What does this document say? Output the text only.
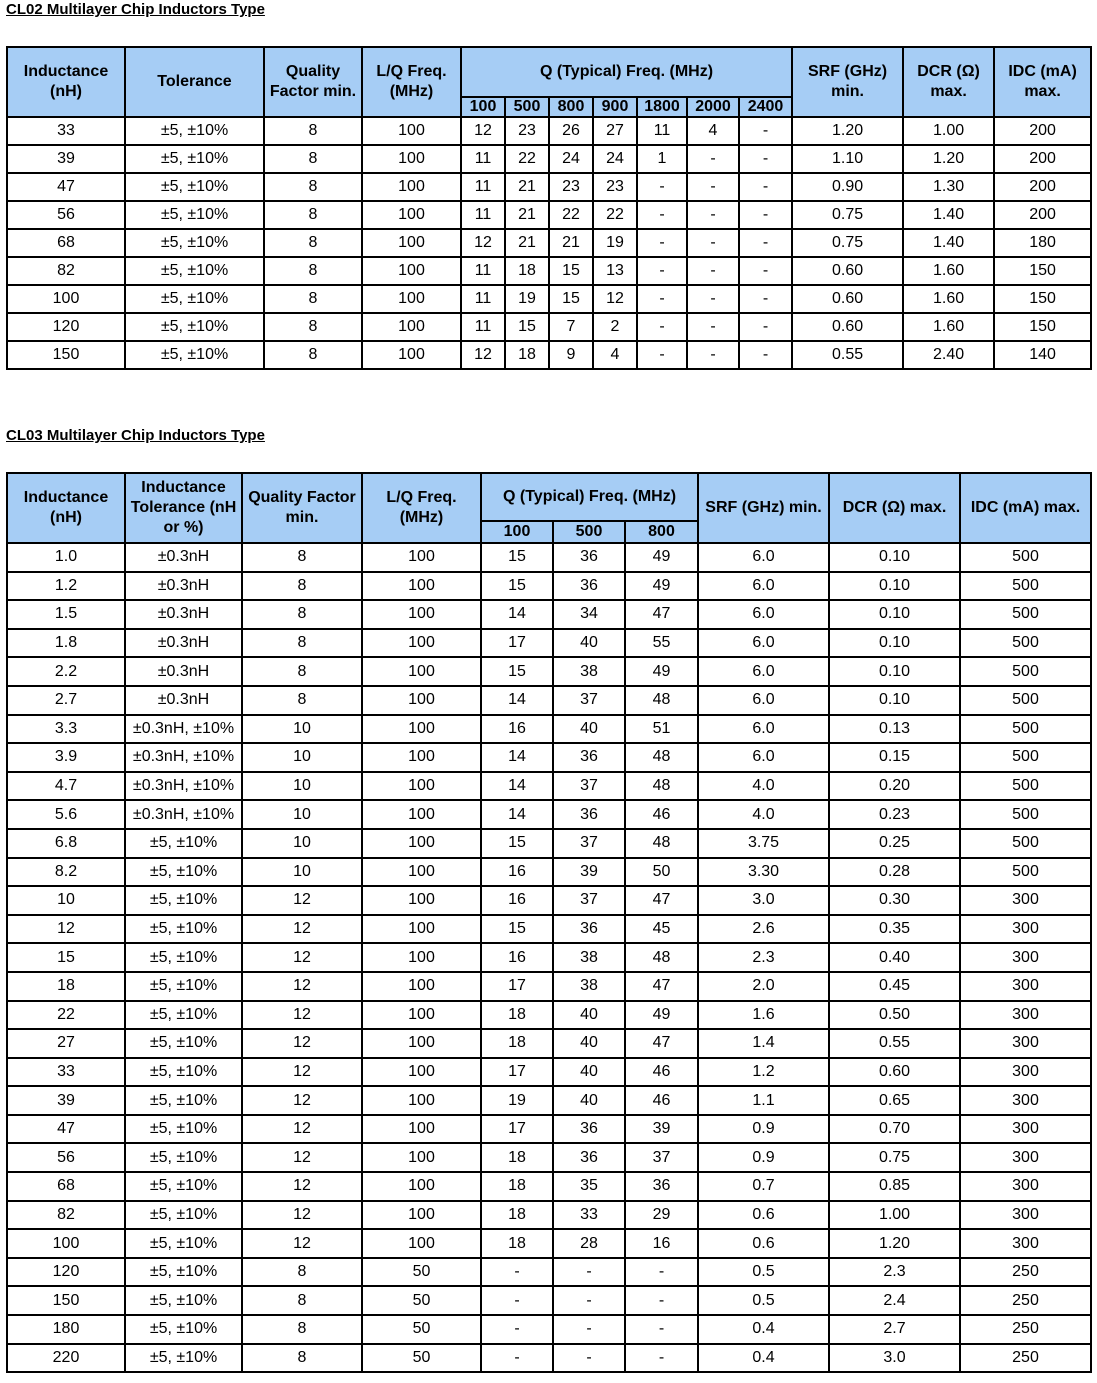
CL02 Multilayer Chip Inductors Type
Inductance (nH)	Tolerance	Quality Factor min.	L/Q Freq. (MHz)	Q (Typical) Freq. (MHz)							SRF (GHz) min.	DCR (Ω) max.	IDC (mA) max.
				100	500	800	900	1800	2000	2400			
33	±5, ±10%	8	100	12	23	26	27	11	4	-	1.20	1.00	200
39	±5, ±10%	8	100	11	22	24	24	1	-	-	1.10	1.20	200
47	±5, ±10%	8	100	11	21	23	23	-	-	-	0.90	1.30	200
56	±5, ±10%	8	100	11	21	22	22	-	-	-	0.75	1.40	200
68	±5, ±10%	8	100	12	21	21	19	-	-	-	0.75	1.40	180
82	±5, ±10%	8	100	11	18	15	13	-	-	-	0.60	1.60	150
100	±5, ±10%	8	100	11	19	15	12	-	-	-	0.60	1.60	150
120	±5, ±10%	8	100	11	15	7	2	-	-	-	0.60	1.60	150
150	±5, ±10%	8	100	12	18	9	4	-	-	-	0.55	2.40	140
CL03 Multilayer Chip Inductors Type
Inductance (nH)	Inductance Tolerance (nH or %)	Quality Factor min.	L/Q Freq. (MHz)	Q (Typical) Freq. (MHz)			SRF (GHz) min.	DCR (Ω) max.	IDC (mA) max.
				100	500	800			
1.0	±0.3nH	8	100	15	36	49	6.0	0.10	500
1.2	±0.3nH	8	100	15	36	49	6.0	0.10	500
1.5	±0.3nH	8	100	14	34	47	6.0	0.10	500
1.8	±0.3nH	8	100	17	40	55	6.0	0.10	500
2.2	±0.3nH	8	100	15	38	49	6.0	0.10	500
2.7	±0.3nH	8	100	14	37	48	6.0	0.10	500
3.3	±0.3nH, ±10%	10	100	16	40	51	6.0	0.13	500
3.9	±0.3nH, ±10%	10	100	14	36	48	6.0	0.15	500
4.7	±0.3nH, ±10%	10	100	14	37	48	4.0	0.20	500
5.6	±0.3nH, ±10%	10	100	14	36	46	4.0	0.23	500
6.8	±5, ±10%	10	100	15	37	48	3.75	0.25	500
8.2	±5, ±10%	10	100	16	39	50	3.30	0.28	500
10	±5, ±10%	12	100	16	37	47	3.0	0.30	300
12	±5, ±10%	12	100	15	36	45	2.6	0.35	300
15	±5, ±10%	12	100	16	38	48	2.3	0.40	300
18	±5, ±10%	12	100	17	38	47	2.0	0.45	300
22	±5, ±10%	12	100	18	40	49	1.6	0.50	300
27	±5, ±10%	12	100	18	40	47	1.4	0.55	300
33	±5, ±10%	12	100	17	40	46	1.2	0.60	300
39	±5, ±10%	12	100	19	40	46	1.1	0.65	300
47	±5, ±10%	12	100	17	36	39	0.9	0.70	300
56	±5, ±10%	12	100	18	36	37	0.9	0.75	300
68	±5, ±10%	12	100	18	35	36	0.7	0.85	300
82	±5, ±10%	12	100	18	33	29	0.6	1.00	300
100	±5, ±10%	12	100	18	28	16	0.6	1.20	300
120	±5, ±10%	8	50	-	-	-	0.5	2.3	250
150	±5, ±10%	8	50	-	-	-	0.5	2.4	250
180	±5, ±10%	8	50	-	-	-	0.4	2.7	250
220	±5, ±10%	8	50	-	-	-	0.4	3.0	250
